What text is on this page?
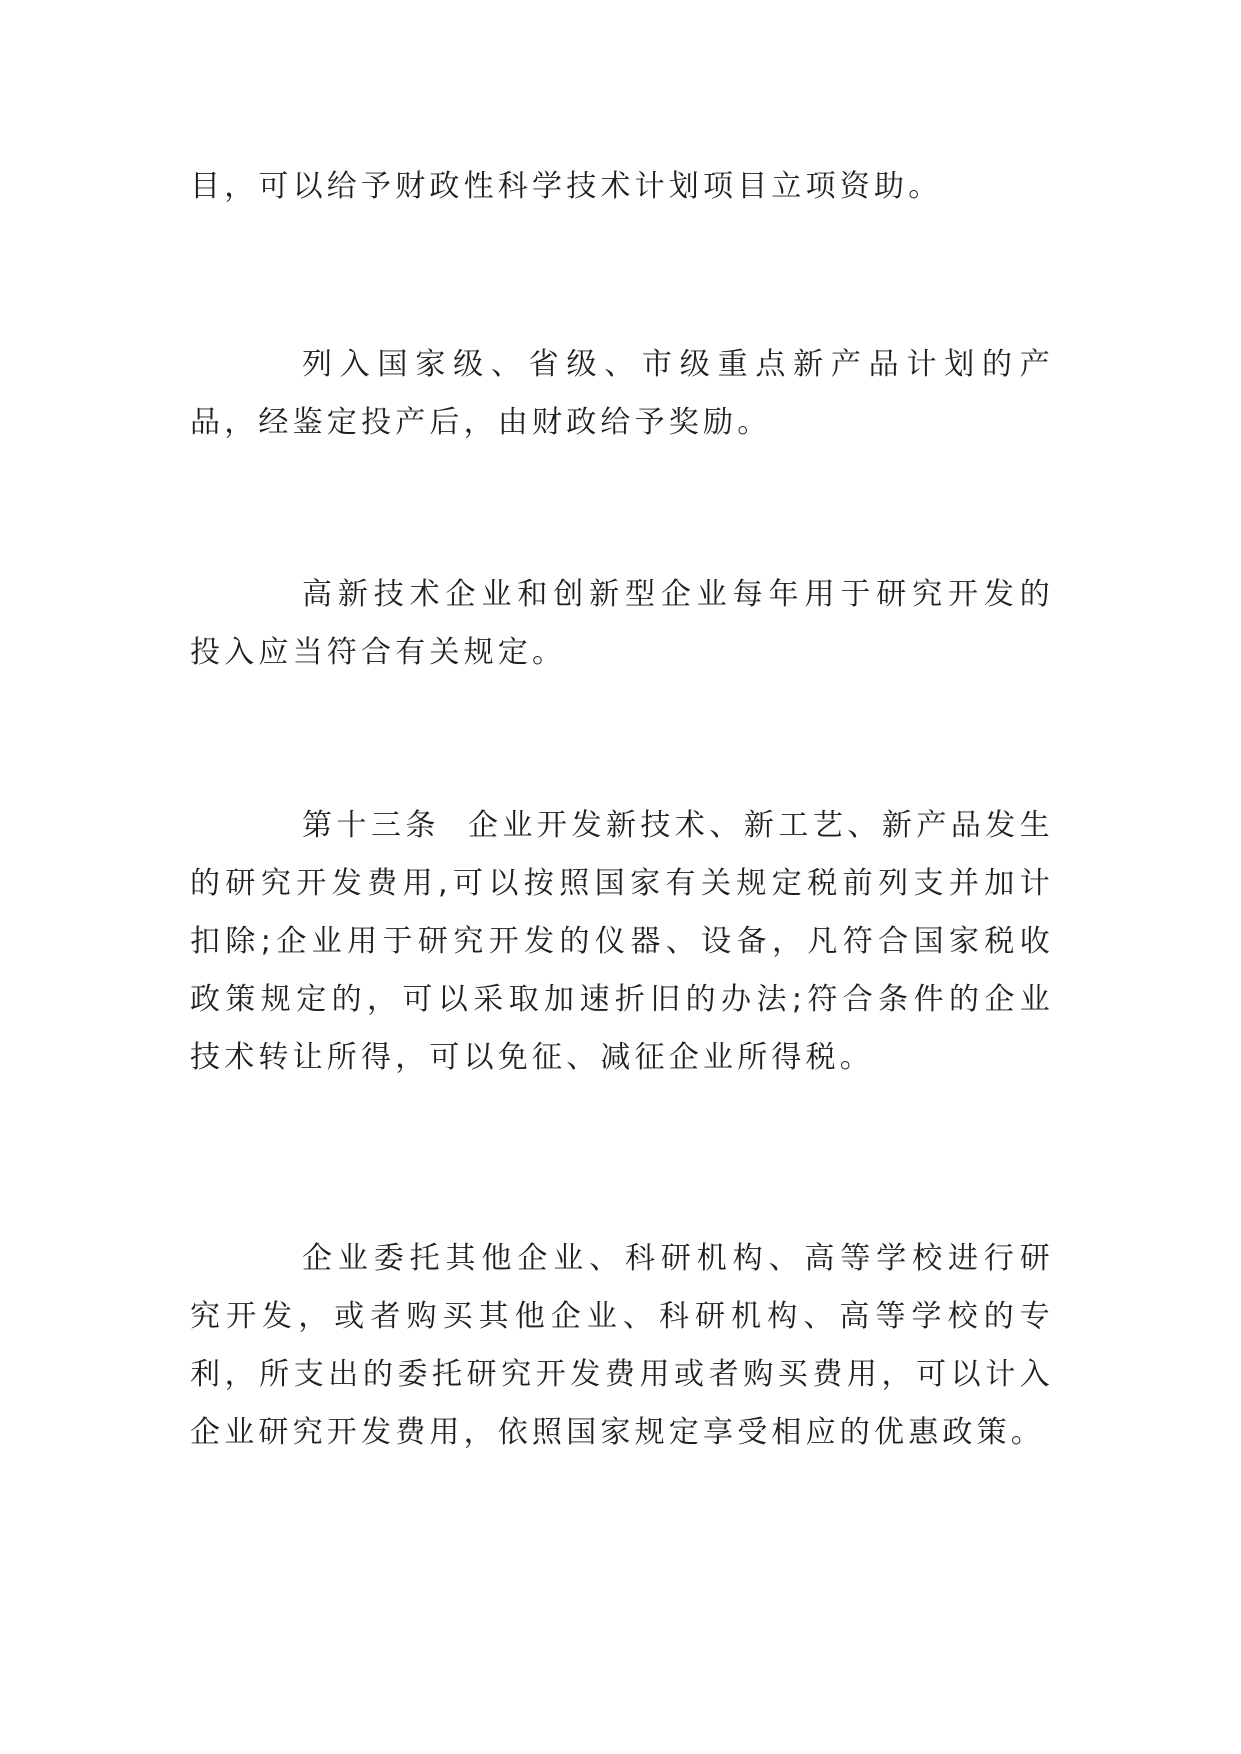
目，可以给予财政性科学技术计划项目立项资助。

列入国家级、省级、市级重点新产品计划的产品，经鉴定投产后，由财政给予奖励。

高新技术企业和创新型企业每年用于研究开发的投入应当符合有关规定。

第十三条  企业开发新技术、新工艺、新产品发生的研究开发费用,可以按照国家有关规定税前列支并加计扣除;企业用于研究开发的仪器、设备，凡符合国家税收政策规定的，可以采取加速折旧的办法;符合条件的企业技术转让所得，可以免征、减征企业所得税。

企业委托其他企业、科研机构、高等学校进行研究开发，或者购买其他企业、科研机构、高等学校的专利，所支出的委托研究开发费用或者购买费用，可以计入企业研究开发费用，依照国家规定享受相应的优惠政策。
